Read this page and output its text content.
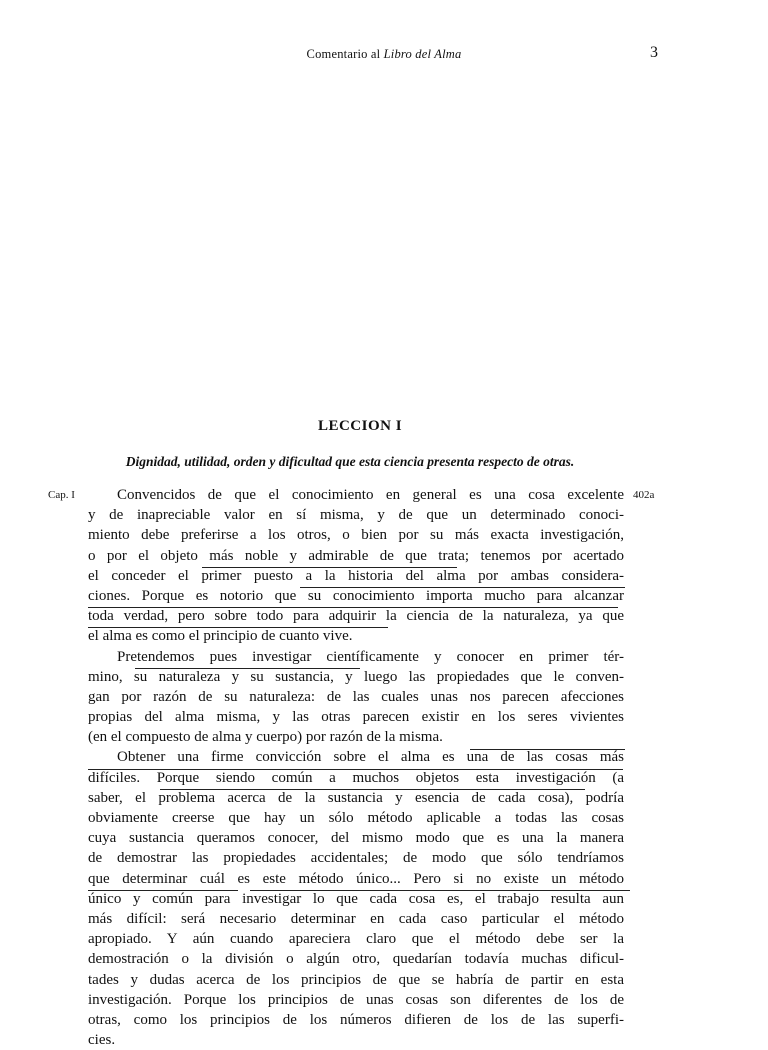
Comentario al Libro del Alma	3
LECCION I
Dignidad, utilidad, orden y dificultad que esta ciencia presenta respecto de otras.
Cap. I	402a
Convencidos de que el conocimiento en general es una cosa excelente
y de inapreciable valor en sí misma, y de que un determinado conoci-
miento debe preferirse a los otros, o bien por su más exacta investigación,
o por el objeto más noble y admirable de que trata; tenemos por acertado
el conceder el primer puesto a la historia del alma por ambas considera-
ciones. Porque es notorio que su conocimiento importa mucho para alcanzar
toda verdad, pero sobre todo para adquirir la ciencia de la naturaleza, ya que
el alma es como el principio de cuanto vive.
Pretendemos pues investigar científicamente y conocer en primer tér-
mino, su naturaleza y su sustancia, y luego las propiedades que le conven-
gan por razón de su naturaleza: de las cuales unas nos parecen afecciones
propias del alma misma, y las otras parecen existir en los seres vivientes
(en el compuesto de alma y cuerpo) por razón de la misma.
Obtener una firme convicción sobre el alma es una de las cosas más
difíciles. Porque siendo común a muchos objetos esta investigación (a
saber, el problema acerca de la sustancia y esencia de cada cosa), podría
obviamente creerse que hay un sólo método aplicable a todas las cosas
cuya sustancia queramos conocer, del mismo modo que es una la manera
de demostrar las propiedades accidentales; de modo que sólo tendríamos
que determinar cuál es este método único... Pero si no existe un método
único y común para investigar lo que cada cosa es, el trabajo resulta aun
más difícil: será necesario determinar en cada caso particular el método
apropiado. Y aún cuando apareciera claro que el método debe ser la
demostración o la división o algún otro, quedarían todavía muchas dificul-
tades y dudas acerca de los principios de que se habría de partir en esta
investigación. Porque los principios de unas cosas son diferentes de los de
otras, como los principios de los números difieren de los de las superfi-
cies.
